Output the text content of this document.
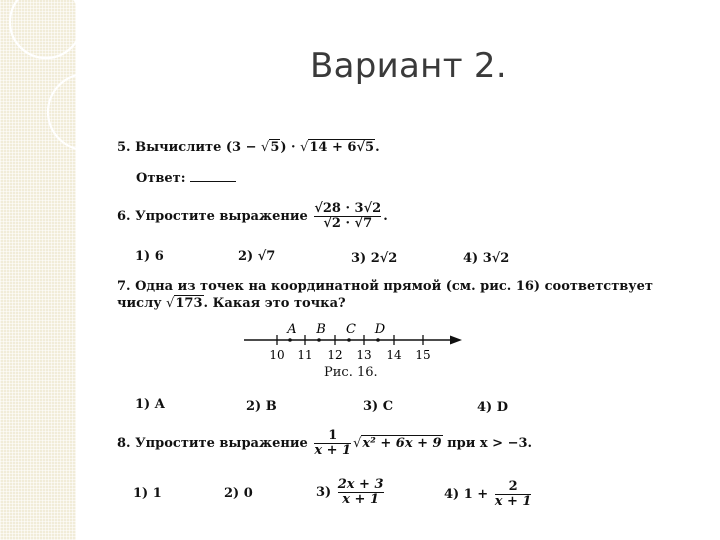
Вариант 2.
5. Вычислите (3 − √5) · √14 + 6√5.
Ответ:
6. Упростите выражение $\frac{√28 \cdot 3√2}{√2 \cdot √7}$ .
1) 6	2) √7	3) 2√2	4) 3√2
7. Одна из точек на координатной прямой (см. рис. 16) соответствует
числу √173. Какая это точка?
A B C D
10 11 12 13 14 15
Рис. 16.
1) A	2) B	3) C	4) D
8. Упростите выражение $\frac{1}{x + 1} √x^2 + 6x + 9$ при x > −3.
1) 1	2) 0	$3) \frac{2x + 3}{x + 1}$	4) $1 + \frac{2}{x + 1}$
